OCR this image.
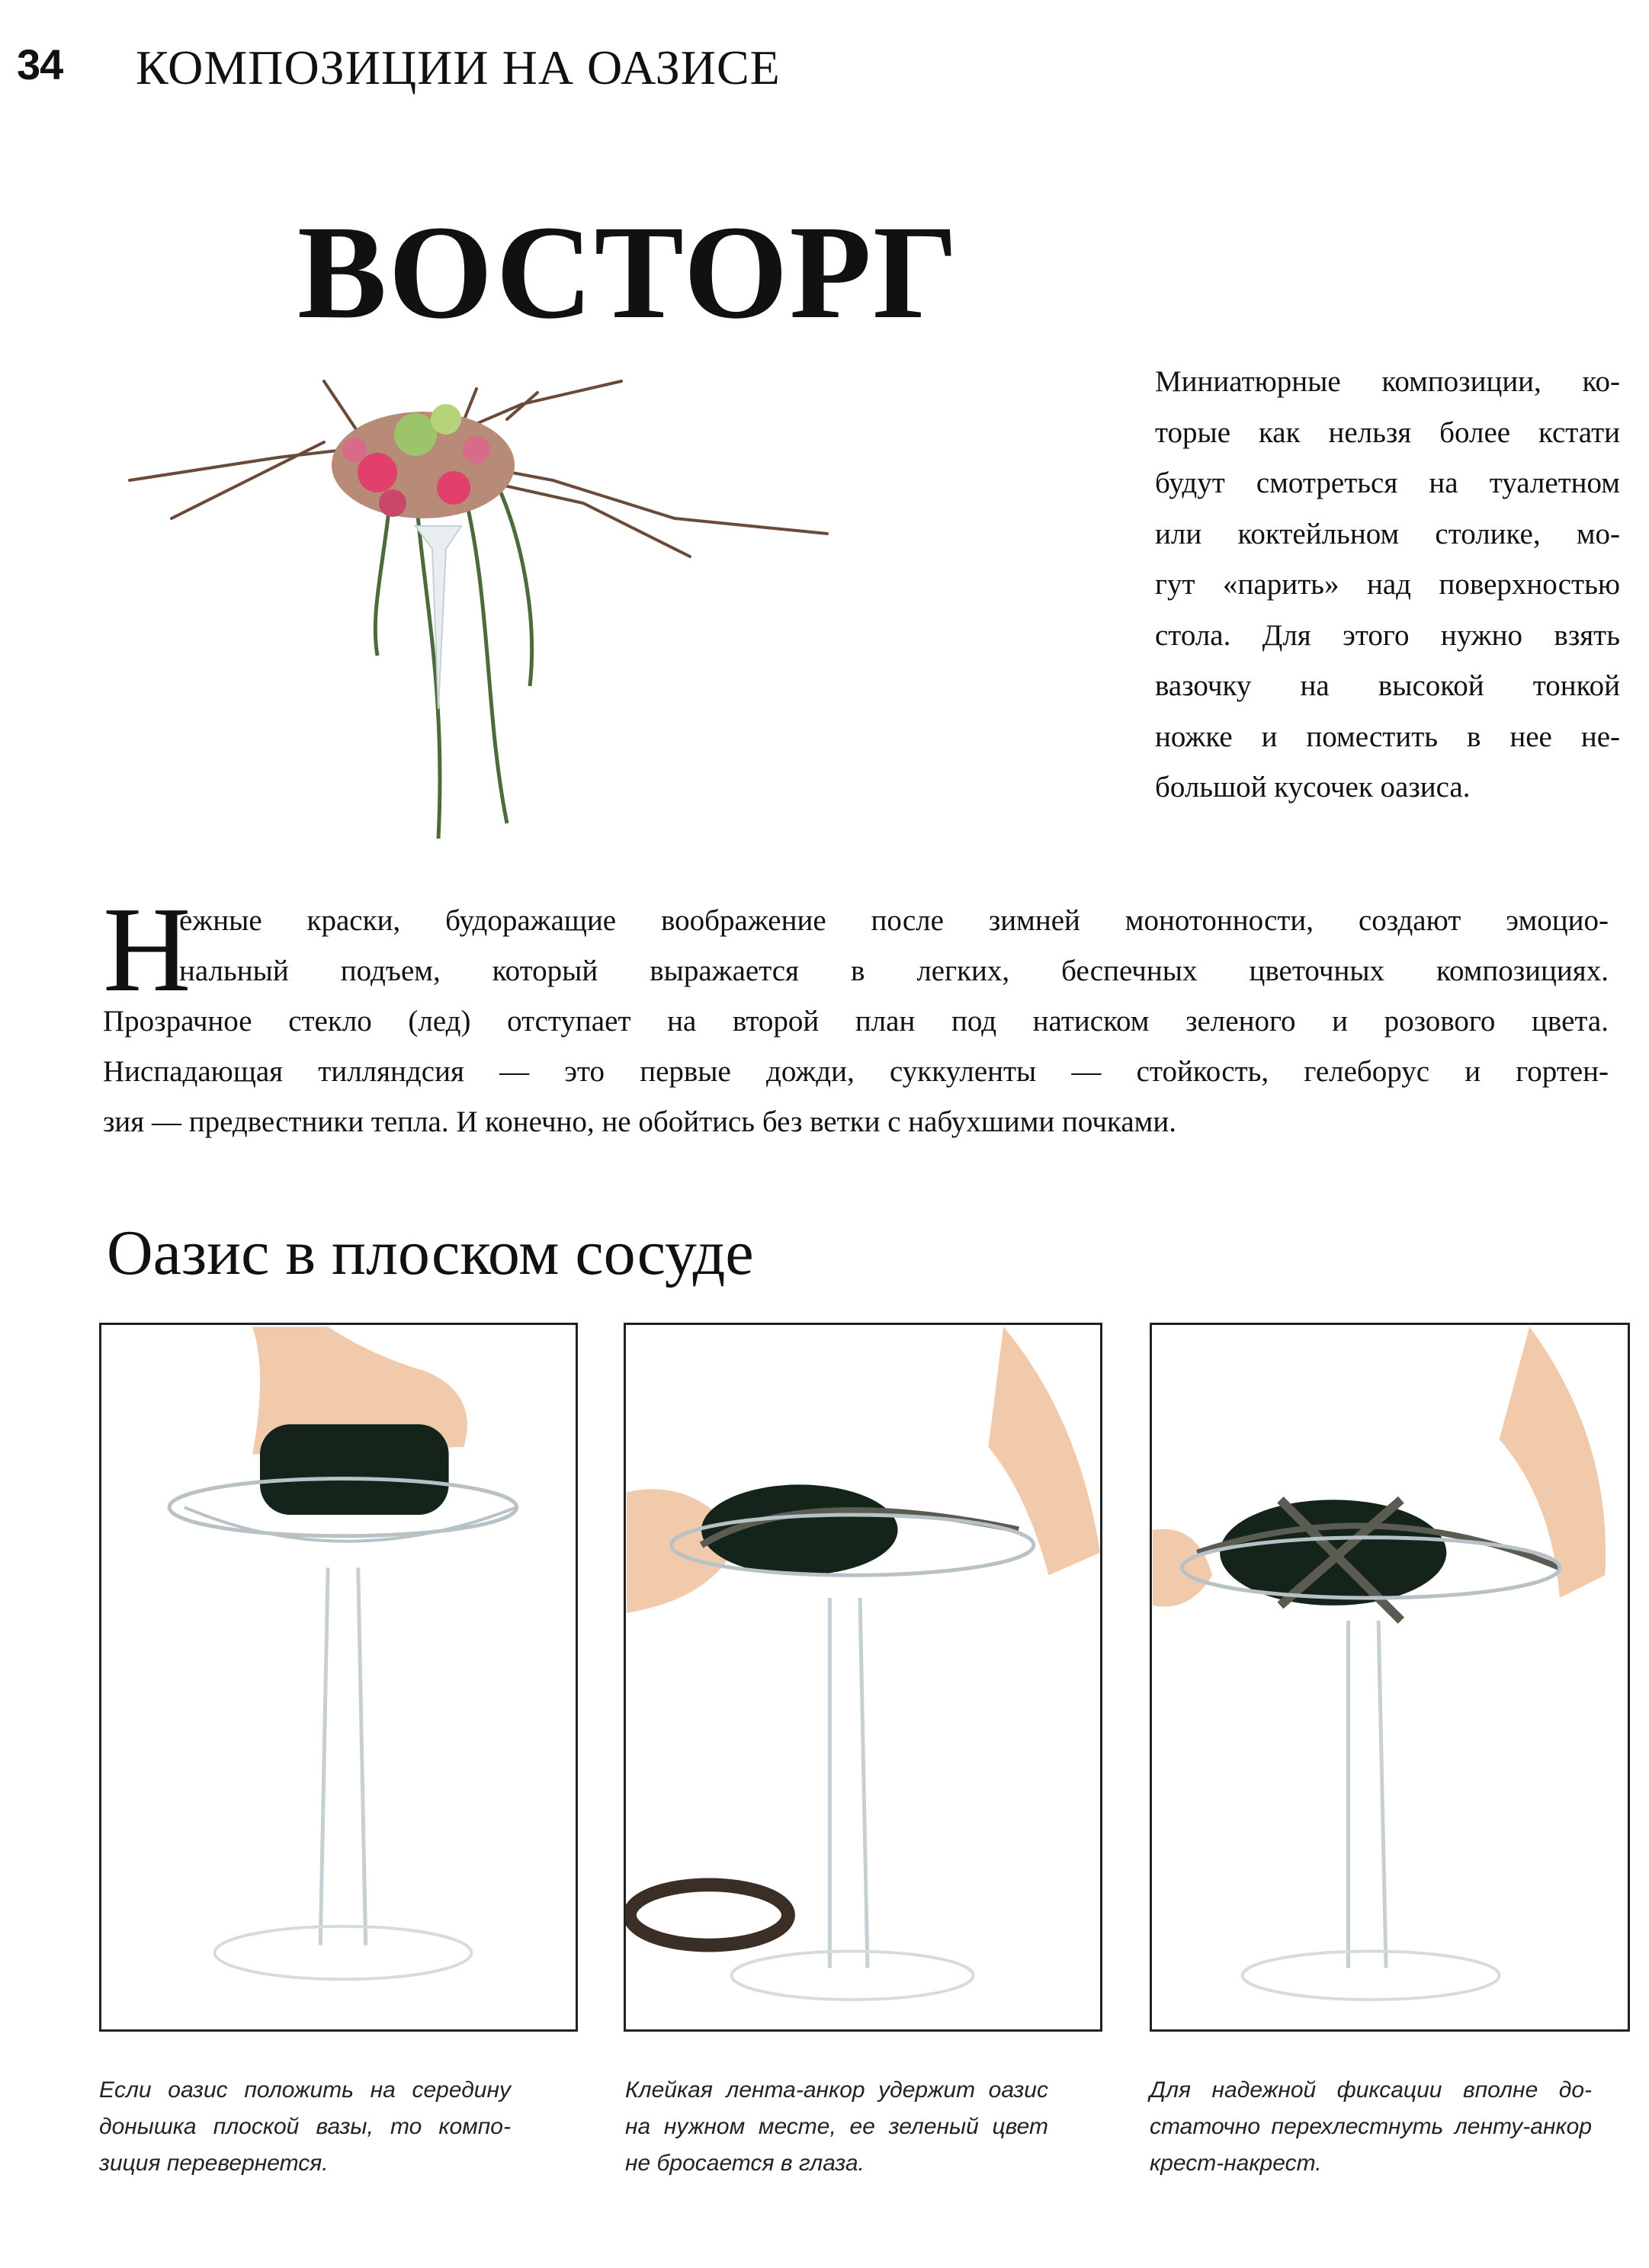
34 КОМПОЗИЦИИ НА ОАЗИСЕ
ВОСТОРГ
Миниатюрные композиции, ко-
торые как нельзя более кстати
будут смотреться на туалетном
или коктейльном столике, мо-
гут «парить» над поверхностью
стола. Для этого нужно взять
вазочку на высокой тонкой
ножке и поместить в нее не-
большой кусочек оазиса.
Н
ежные краски, будоражащие воображение после зимней монотонности, создают эмоцио-
нальный подъем, который выражается в легких, беспечных цветочных композициях.
Прозрачное стекло (лед) отступает на второй план под натиском зеленого и розового цвета.
Ниспадающая тилляндсия — это первые дожди, суккуленты — стойкость, гелеборус и гортен-
зия — предвестники тепла. И конечно, не обойтись без ветки с набухшими почками.
Оазис в плоском сосуде
Если оазис положить на середину
донышка плоской вазы, то компо-
зиция перевернется.
Клейкая лента-анкор удержит оазис
на нужном месте, ее зеленый цвет
не бросается в глаза.
Для надежной фиксации вполне до-
статочно перехлестнуть ленту-анкор
крест-накрест.
